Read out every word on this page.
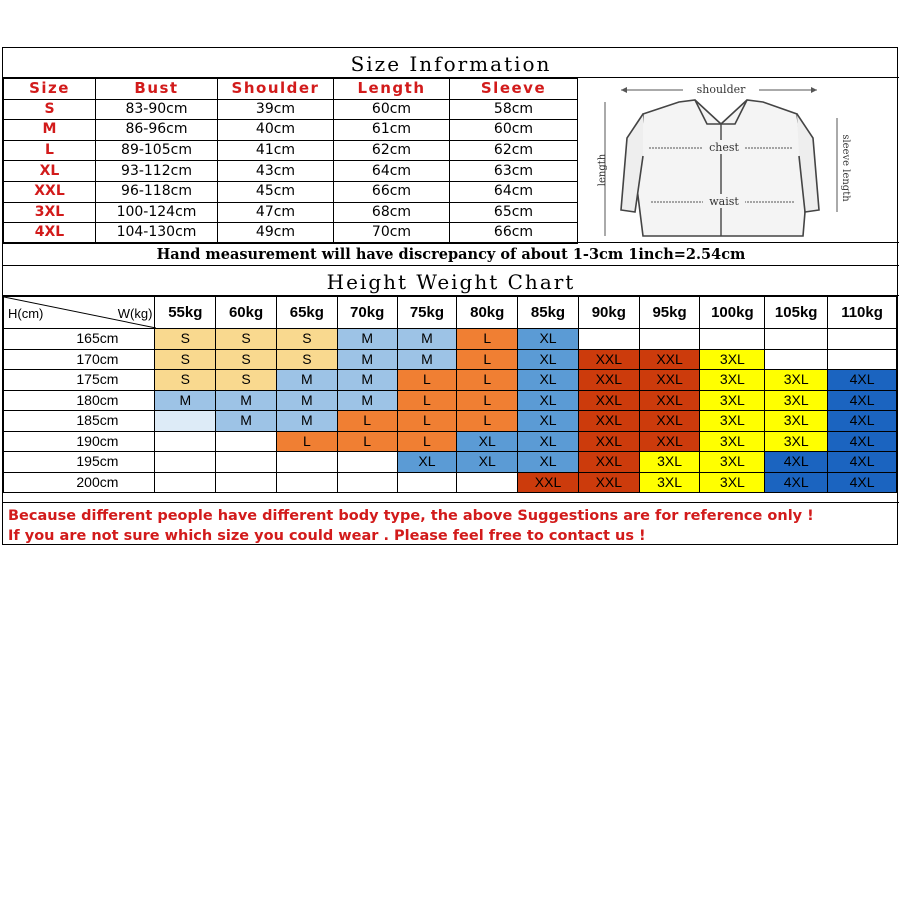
Size Information
Size	Bust	Shoulder	Length	Sleeve
S	83-90cm	39cm	60cm	58cm
M	86-96cm	40cm	61cm	60cm
L	89-105cm	41cm	62cm	62cm
XL	93-112cm	43cm	64cm	63cm
XXL	96-118cm	45cm	66cm	64cm
3XL	100-124cm	47cm	68cm	65cm
4XL	104-130cm	49cm	70cm	66cm
shoulder
chest
waist
length	sleeve length
Hand measurement will have discrepancy of about 1-3cm 1inch=2.54cm
Height Weight Chart
H(cm) W(kg)	55kg	60kg	65kg	70kg	75kg	80kg	85kg	90kg	95kg	100kg	105kg	110kg
165cm	S	S	S	M	M	L	XL					
170cm	S	S	S	M	M	L	XL	XXL	XXL	3XL		
175cm	S	S	M	M	L	L	XL	XXL	XXL	3XL	3XL	4XL
180cm	M	M	M	M	L	L	XL	XXL	XXL	3XL	3XL	4XL
185cm		M	M	L	L	L	XL	XXL	XXL	3XL	3XL	4XL
190cm			L	L	L	XL	XL	XXL	XXL	3XL	3XL	4XL
195cm					XL	XL	XL	XXL	3XL	3XL	4XL	4XL
200cm							XXL	XXL	3XL	3XL	4XL	4XL
Because different people have different body type, the above Suggestions are for reference only !
If you are not sure which size you could wear . Please feel free to contact us !
